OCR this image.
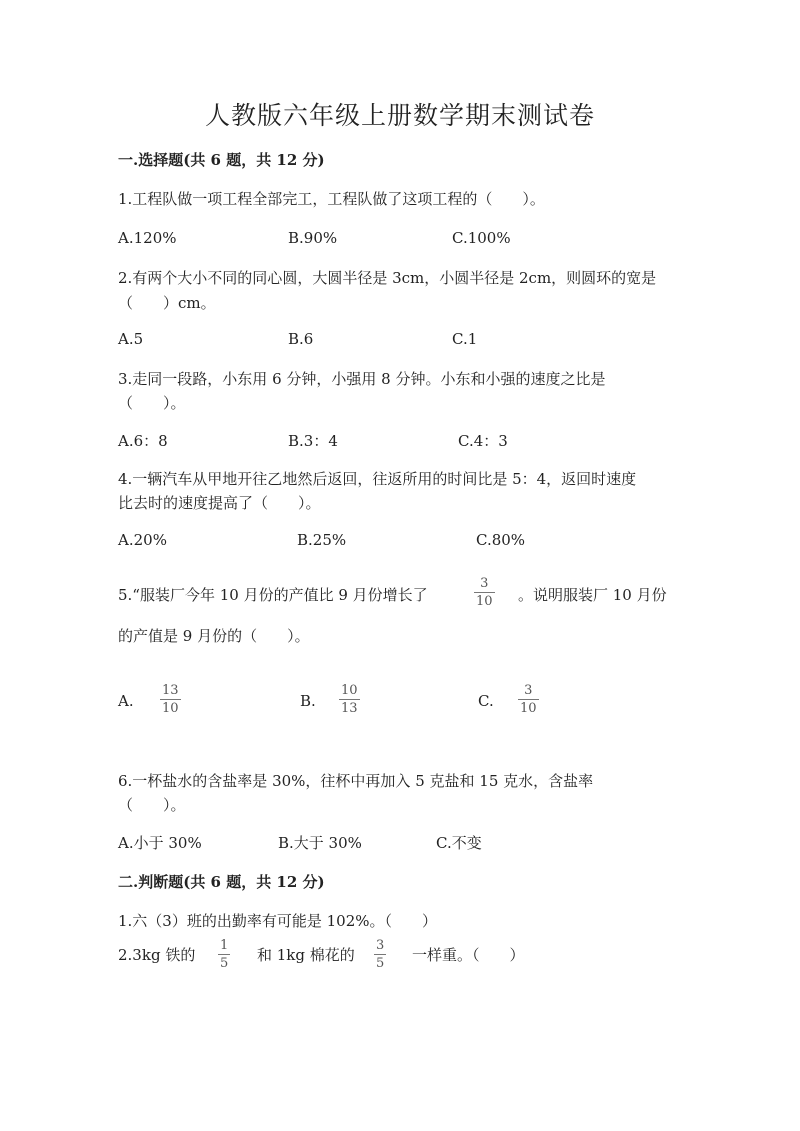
人教版六年级上册数学期末测试卷
一.选择题(共 6 题，共 12 分)
1.工程队做一项工程全部完工，工程队做了这项工程的（　　）。
A.120%	B.90%	C.100%
2.有两个大小不同的同心圆，大圆半径是 3cm，小圆半径是 2cm，则圆环的宽是
（　　）cm。
A.5	B.6	C.1
3.走同一段路，小东用 6 分钟，小强用 8 分钟。小东和小强的速度之比是
（　　）。
A.6：8	B.3：4	C.4：3
4.一辆汽车从甲地开往乙地然后返回，往返所用的时间比是 5：4，返回时速度
比去时的速度提高了（　　）。
A.20%	B.25%	C.80%
5.“服装厂今年 10 月份的产值比 9 月份增长了
3
10 。说明服装厂 10 月份
的产值是 9 月份的（　　）。
A.
13
10	B.
10
13	C.
3
10
6.一杯盐水的含盐率是 30%，往杯中再加入 5 克盐和 15 克水，含盐率
（　　）。
A.小于 30%	B.大于 30%	C.不变
二.判断题(共 6 题，共 12 分)
1.六（3）班的出勤率有可能是 102%。（　　）
2.3kg 铁的
1
5 和 1kg 棉花的
3
5 一样重。（　　）
